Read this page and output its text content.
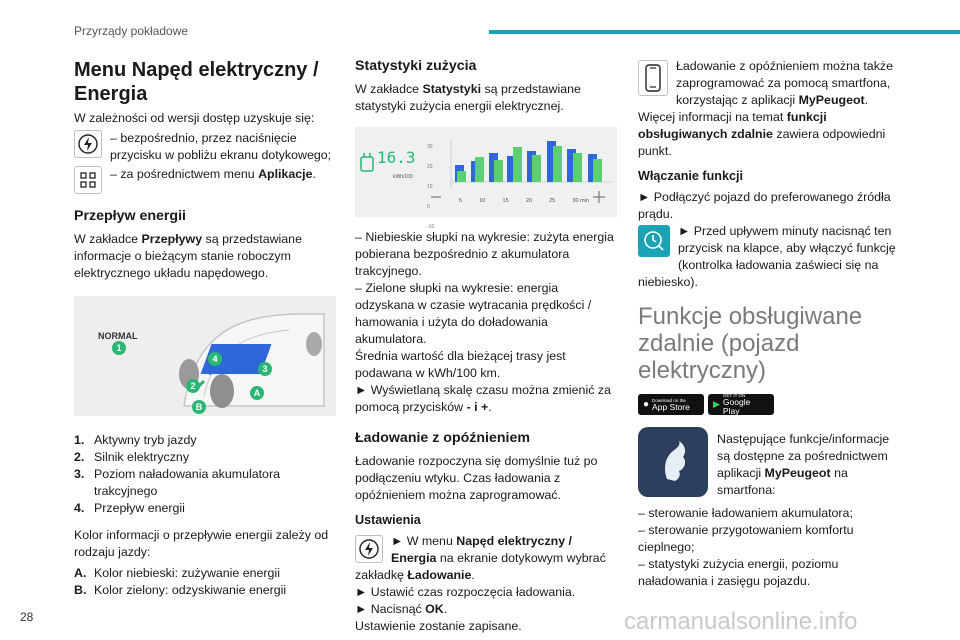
Przyrządy pokładowe
Menu Napęd elektryczny /
Energia

W zależności od wersji dostęp uzyskuje się:

– bezpośrednio, przez naciśnięcie przycisku w pobliżu ekranu dotykowego;

– za pośrednictwem menu Aplikacje.

Przepływ energii

W zakładce Przepływy są przedstawiane informacje o bieżącym stanie roboczym elektrycznego układu napędowego.

NORMAL
1
2
3
4
A
B
1. Aktywny tryb jazdy
2. Silnik elektryczny
3. Poziom naładowania akumulatora trakcyjnego
4. Przepływ energii

Kolor informacji o przepływie energii zależy od rodzaju jazdy:

A. Kolor niebieski: zużywanie energii
B. Kolor zielony: odzyskiwanie energii
Statystyki zużycia

W zakładce Statystyki są przedstawiane statystyki zużycia energii elektrycznej.

16.3
kWh/100
30
20
10
0
-10
5	10	15	20	25	30 min

– Niebieskie słupki na wykresie: zużyta energia pobierana bezpośrednio z akumulatora trakcyjnego.

– Zielone słupki na wykresie: energia odzyskana w czasie wytracania prędkości / hamowania i użyta do doładowania akumulatora.

Średnia wartość dla bieżącej trasy jest podawana w kWh/100 km.

► Wyświetlaną skalę czasu można zmienić za pomocą przycisków - i +.

Ładowanie z opóźnieniem

Ładowanie rozpoczyna się domyślnie tuż po podłączeniu wtyku. Czas ładowania z opóźnieniem można zaprogramować.

Ustawienia

► W menu Napęd elektryczny / Energia na ekranie dotykowym wybrać zakładkę Ładowanie.

► Ustawić czas rozpoczęcia ładowania.

► Nacisnąć OK.

Ustawienie zostanie zapisane.

Ładowanie z opóźnieniem można także zaprogramować za pomocą smartfona, korzystając z aplikacji MyPeugeot.

Więcej informacji na temat funkcji obsługiwanych zdalnie zawiera odpowiedni punkt.

Włączanie funkcji

► Podłączyć pojazd do preferowanego źródła prądu.

► Przed upływem minuty nacisnąć ten przycisk na klapce, aby włączyć funkcję (kontrolka ładowania zaświeci się na niebiesko).

Funkcje obsługiwane zdalnie (pojazd elektryczny)
● Download on the
App Store	▶
GET IT ON
Google Play

Następujące funkcje/informacje są dostępne za pośrednictwem aplikacji MyPeugeot na smartfona:

– sterowanie ładowaniem akumulatora;

– sterowanie przygotowaniem komfortu cieplnego;

– statystyki zużycia energii, poziomu naładowania i zasięgu pojazdu.

28	carmanualsonline.info
